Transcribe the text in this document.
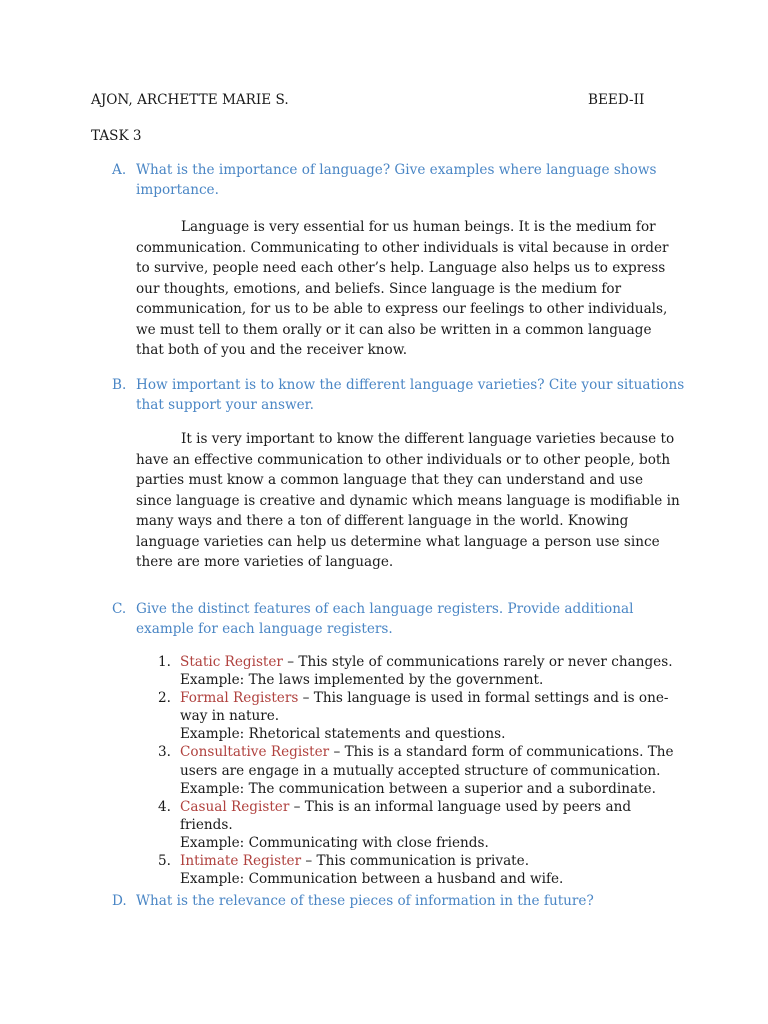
AJON, ARCHETTE MARIE S.	BEED-II
TASK 3
A. What is the importance of language? Give examples where language shows importance.
Language is very essential for us human beings. It is the medium for communication. Communicating to other individuals is vital because in order to survive, people need each other’s help. Language also helps us to express our thoughts, emotions, and beliefs. Since language is the medium for communication, for us to be able to express our feelings to other individuals, we must tell to them orally or it can also be written in a common language that both of you and the receiver know.
B. How important is to know the different language varieties? Cite your situations that support your answer.
It is very important to know the different language varieties because to have an effective communication to other individuals or to other people, both parties must know a common language that they can understand and use since language is creative and dynamic which means language is modifiable in many ways and there a ton of different language in the world. Knowing language varieties can help us determine what language a person use since there are more varieties of language.
C. Give the distinct features of each language registers. Provide additional example for each language registers.
1. Static Register – This style of communications rarely or never changes.
Example: The laws implemented by the government.
2. Formal Registers – This language is used in formal settings and is one-way in nature.
Example: Rhetorical statements and questions.
3. Consultative Register – This is a standard form of communications. The users are engage in a mutually accepted structure of communication.
Example: The communication between a superior and a subordinate.
4. Casual Register – This is an informal language used by peers and friends.
Example: Communicating with close friends.
5. Intimate Register – This communication is private.
Example: Communication between a husband and wife.
D. What is the relevance of these pieces of information in the future?
